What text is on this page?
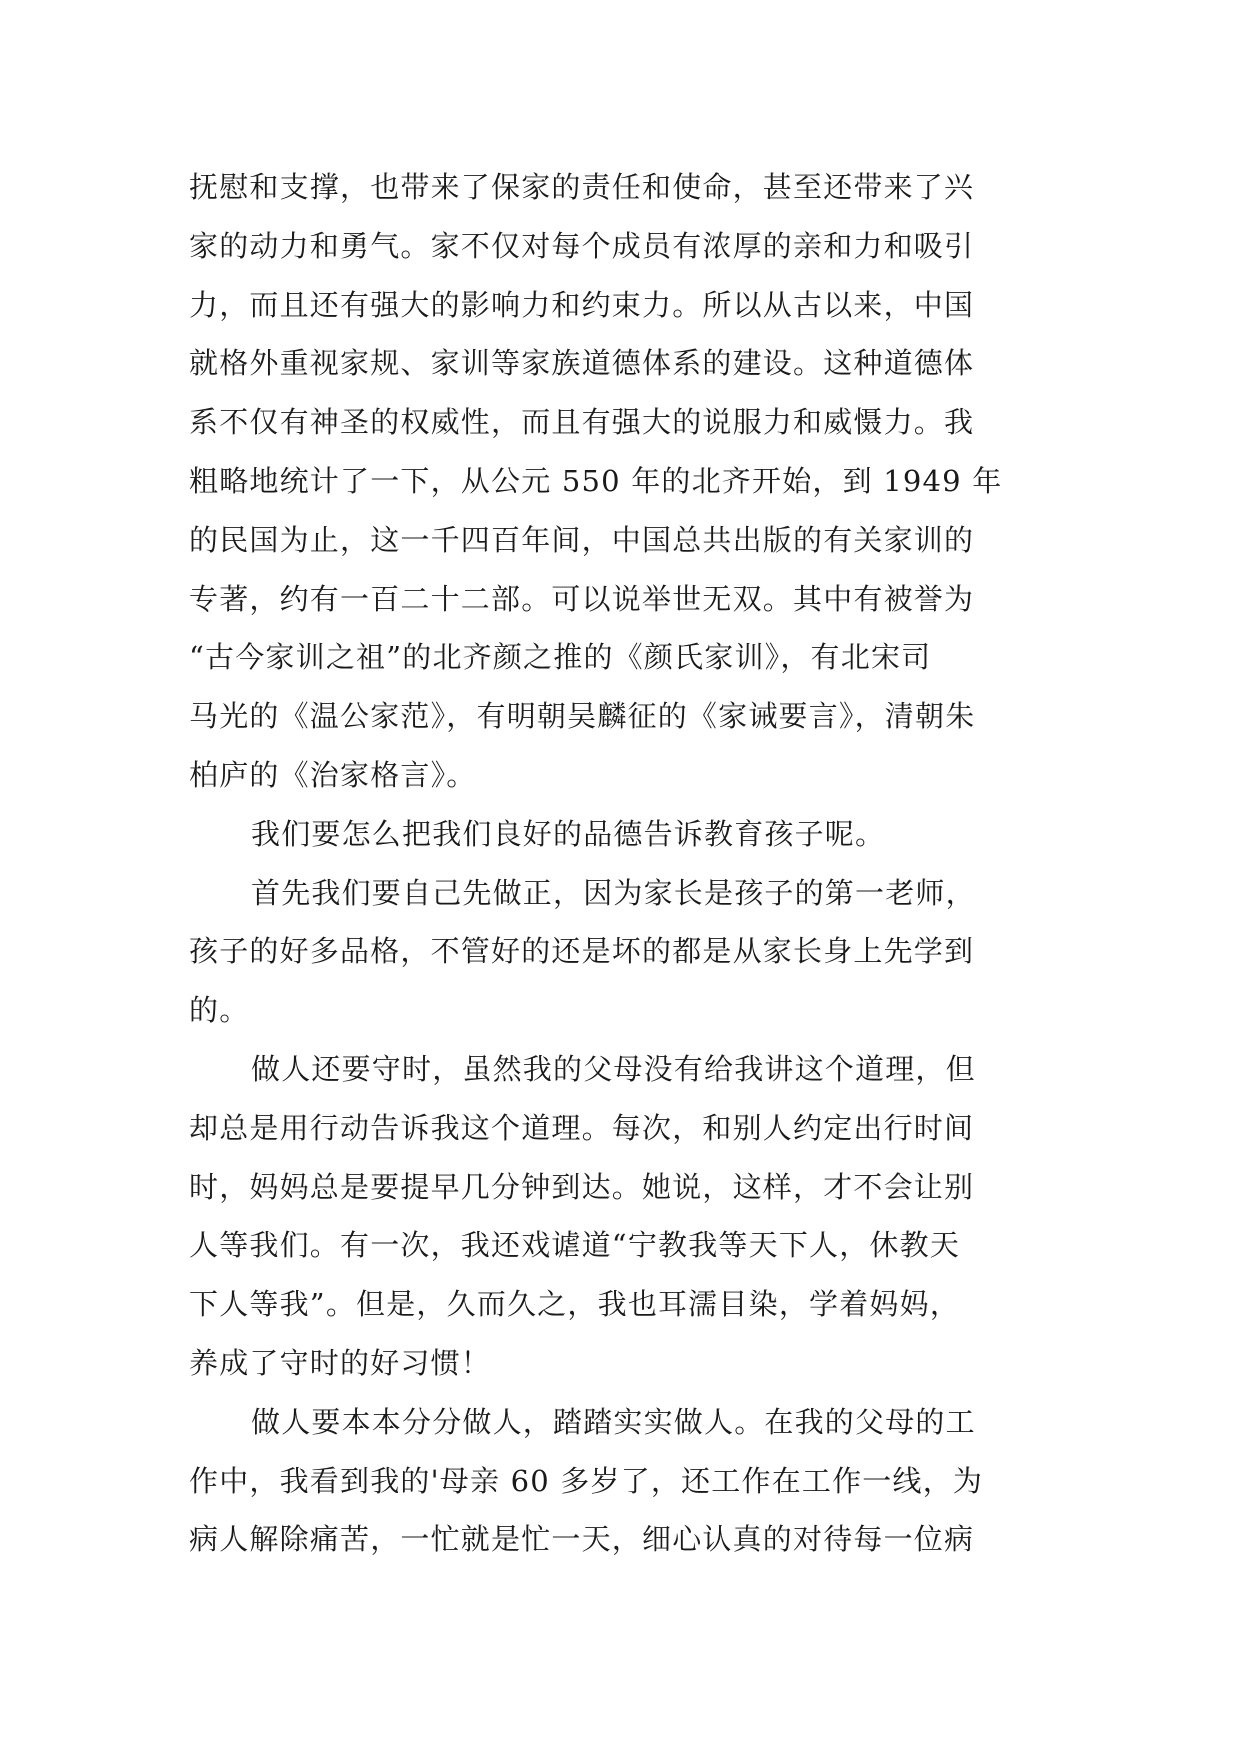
抚慰和支撑，也带来了保家的责任和使命，甚至还带来了兴
家的动力和勇气。家不仅对每个成员有浓厚的亲和力和吸引
力，而且还有强大的影响力和约束力。所以从古以来，中国
就格外重视家规、家训等家族道德体系的建设。这种道德体
系不仅有神圣的权威性，而且有强大的说服力和威慑力。我
粗略地统计了一下，从公元 550 年的北齐开始，到 1949 年
的民国为止，这一千四百年间，中国总共出版的有关家训的
专著，约有一百二十二部。可以说举世无双。其中有被誉为
“古今家训之祖”的北齐颜之推的《颜氏家训》，有北宋司
马光的《温公家范》，有明朝吴麟征的《家诫要言》，清朝朱
柏庐的《治家格言》。
我们要怎么把我们良好的品德告诉教育孩子呢。
首先我们要自己先做正，因为家长是孩子的第一老师，
孩子的好多品格，不管好的还是坏的都是从家长身上先学到
的。
做人还要守时，虽然我的父母没有给我讲这个道理，但
却总是用行动告诉我这个道理。每次，和别人约定出行时间
时，妈妈总是要提早几分钟到达。她说，这样，才不会让别
人等我们。有一次，我还戏谑道“宁教我等天下人，休教天
下人等我”。但是，久而久之，我也耳濡目染，学着妈妈，
养成了守时的好习惯！
做人要本本分分做人，踏踏实实做人。在我的父母的工
作中，我看到我的'母亲 60 多岁了，还工作在工作一线，为
病人解除痛苦，一忙就是忙一天，细心认真的对待每一位病
